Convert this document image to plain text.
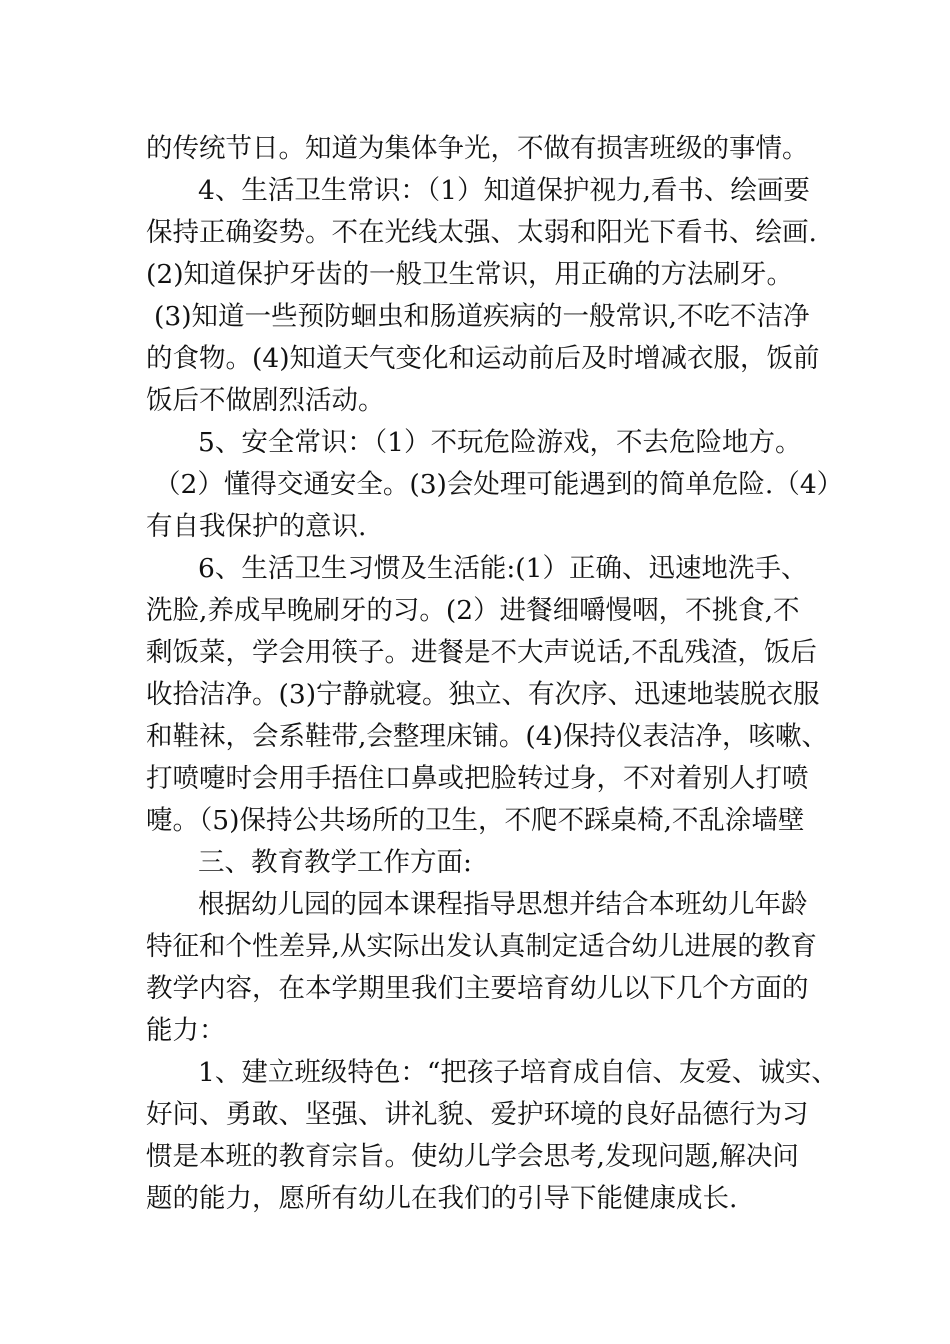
的传统节日。知道为集体争光，不做有损害班级的事情。
4、生活卫生常识：（1）知道保护视力,看书、绘画要
保持正确姿势。不在光线太强、太弱和阳光下看书、绘画.
(2)知道保护牙齿的一般卫生常识，用正确的方法刷牙。
(3)知道一些预防蛔虫和肠道疾病的一般常识,不吃不洁净
的食物。(4)知道天气变化和运动前后及时增减衣服，饭前
饭后不做剧烈活动。
5、安全常识：（1）不玩危险游戏，不去危险地方。
（2）懂得交通安全。(3)会处理可能遇到的简单危险.（4）
有自我保护的意识.
6、生活卫生习惯及生活能:(1）正确、迅速地洗手、
洗脸,养成早晚刷牙的习。(2）进餐细嚼慢咽，不挑食,不
剩饭菜，学会用筷子。进餐是不大声说话,不乱残渣，饭后
收拾洁净。(3)宁静就寝。独立、有次序、迅速地装脱衣服
和鞋袜，会系鞋带,会整理床铺。(4)保持仪表洁净，咳嗽、
打喷嚏时会用手捂住口鼻或把脸转过身，不对着别人打喷
嚏。（5)保持公共场所的卫生，不爬不踩桌椅,不乱涂墙壁
三、教育教学工作方面:
根据幼儿园的园本课程指导思想并结合本班幼儿年龄
特征和个性差异,从实际出发认真制定适合幼儿进展的教育
教学内容，在本学期里我们主要培育幼儿以下几个方面的
能力：
1、建立班级特色：“把孩子培育成自信、友爱、诚实、
好问、勇敢、坚强、讲礼貌、爱护环境的良好品德行为习
惯是本班的教育宗旨。使幼儿学会思考,发现问题,解决问
题的能力，愿所有幼儿在我们的引导下能健康成长.
